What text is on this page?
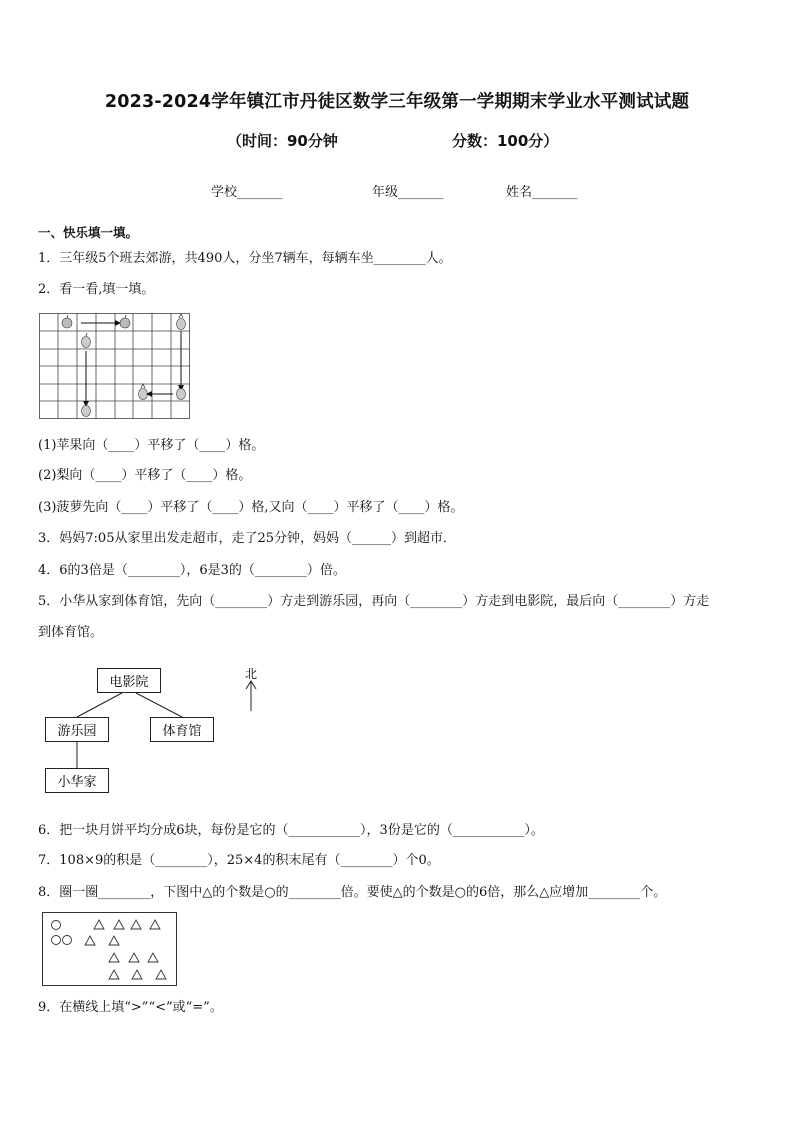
2023-2024学年镇江市丹徒区数学三年级第一学期期末学业水平测试试题
（时间：90分钟	分数：100分）
学校_______	年级_______	姓名_______
一、快乐填一填。
1．三年级5个班去郊游，共490人，分坐7辆车，每辆车坐________人。
2．看一看,填一填。
(1)苹果向（____）平移了（____）格。
(2)梨向（____）平移了（____）格。
(3)菠萝先向（____）平移了（____）格,又向（____）平移了（____）格。
3．妈妈7:05从家里出发走超市，走了25分钟，妈妈（______）到超市．
4．6的3倍是（________），6是3的（________）倍。
5．小华从家到体育馆，先向（________）方走到游乐园，再向（________）方走到电影院，最后向（________）方走
到体育馆。
电影院
游乐园	体育馆
小华家
北
6．把一块月饼平均分成6块，每份是它的（___________），3份是它的（___________）。
7．108×9的积是（________），25×4的积末尾有（________）个0。
8．圈一圈________，下图中△的个数是○的________倍。要使△的个数是○的6倍，那么△应增加________个。
9．在横线上填“>”“<”或“=”。
